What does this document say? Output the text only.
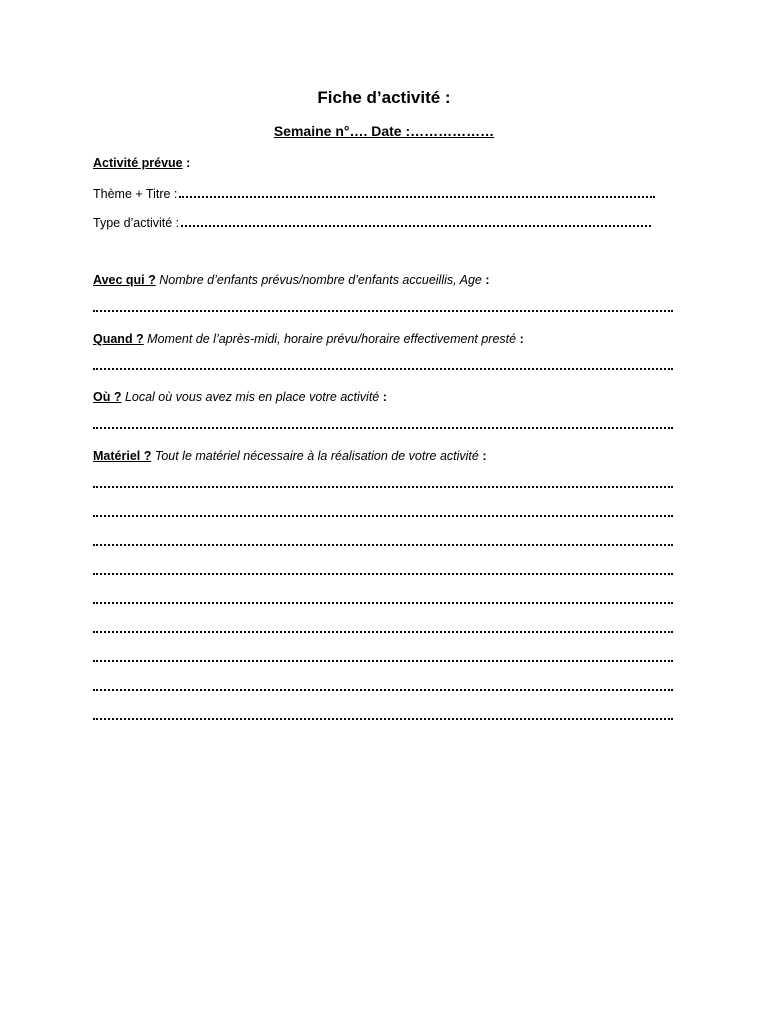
Fiche d’activité :
Semaine n°…. Date :………………
Activité prévue :
Thème + Titre :
Type d’activité :
Avec qui ? Nombre d’enfants prévus/nombre d’enfants accueillis, Age :
Quand ? Moment de l’après-midi, horaire prévu/horaire effectivement presté :
Où ? Local où vous avez mis en place votre activité :
Matériel ? Tout le matériel nécessaire à la réalisation de votre activité :
